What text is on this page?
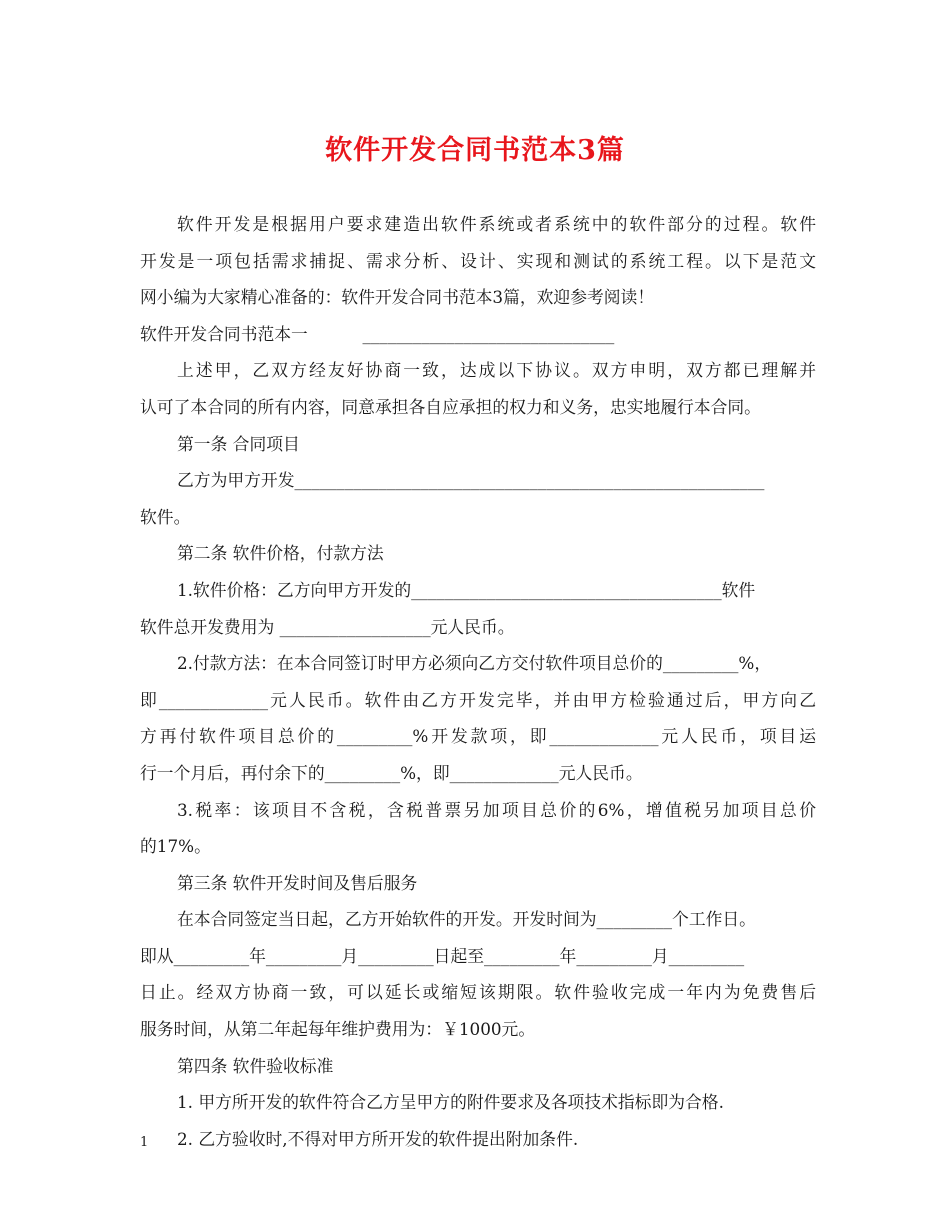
软件开发合同书范本3篇

软件开发是根据用户要求建造出软件系统或者系统中的软件部分的过程。软件

开发是一项包括需求捕捉、需求分析、设计、实现和测试的系统工程。以下是范文

网小编为大家精心准备的：软件开发合同书范本3篇，欢迎参考阅读！

软件开发合同书范本一	______________________________

上述甲，乙双方经友好协商一致，达成以下协议。双方申明，双方都已理解并

认可了本合同的所有内容，同意承担各自应承担的权力和义务，忠实地履行本合同。

第一条 合同项目

乙方为甲方开发________________________________________________________

软件。

第二条 软件价格，付款方法

1.软件价格：乙方向甲方开发的_____________________________________软件

软件总开发费用为 __________________元人民币。

2.付款方法：在本合同签订时甲方必须向乙方交付软件项目总价的_________%，

即_____________元人民币。软件由乙方开发完毕，并由甲方检验通过后，甲方向乙

方再付软件项目总价的_________%开发款项，即_____________元人民币，项目运

行一个月后，再付余下的_________%，即_____________元人民币。

3.税率：该项目不含税，含税普票另加项目总价的6%，增值税另加项目总价

的17%。

第三条 软件开发时间及售后服务

在本合同签定当日起，乙方开始软件的开发。开发时间为_________个工作日。

即从_________年_________月_________日起至_________年_________月_________

日止。经双方协商一致，可以延长或缩短该期限。软件验收完成一年内为免费售后

服务时间，从第二年起每年维护费用为：￥1000元。

第四条 软件验收标准

1. 甲方所开发的软件符合乙方呈甲方的附件要求及各项技术指标即为合格.

2. 乙方验收时,不得对甲方所开发的软件提出附加条件.

1
